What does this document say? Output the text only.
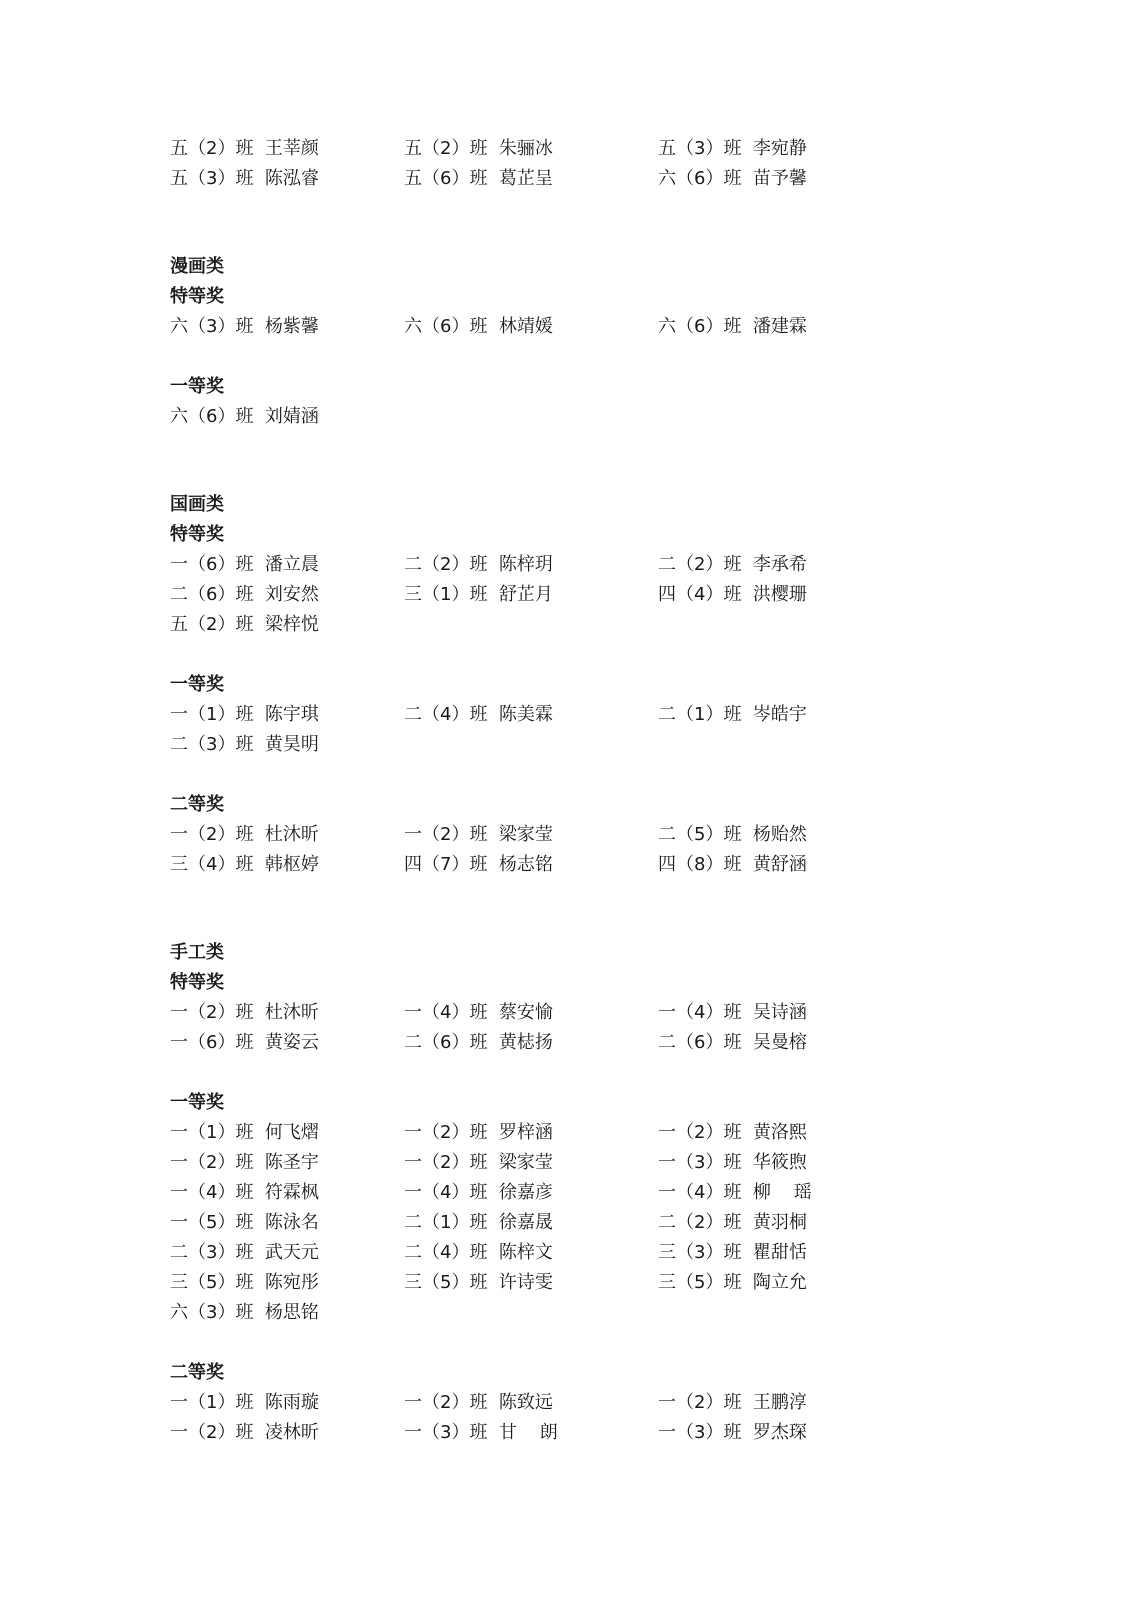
五（2）班  王莘颜	五（2）班  朱骊冰	五（3）班  李宛静
五（3）班  陈泓睿	五（6）班  葛芷呈	六（6）班  苗予馨
漫画类
特等奖
六（3）班  杨紫馨	六（6）班  林靖媛	六（6）班  潘建霖
一等奖
六（6）班  刘婧涵
国画类
特等奖
一（6）班  潘立晨	二（2）班  陈梓玥	二（2）班  李承希
二（6）班  刘安然	三（1）班  舒芷月	四（4）班  洪樱珊
五（2）班  梁梓悦
一等奖
一（1）班  陈宇琪	二（4）班  陈美霖	二（1）班  岑皓宇
二（3）班  黄昊明
二等奖
一（2）班  杜沐昕	一（2）班  梁家莹	二（5）班  杨贻然
三（4）班  韩枢婷	四（7）班  杨志铭	四（8）班  黄舒涵
手工类
特等奖
一（2）班  杜沐昕	一（4）班  蔡安愉	一（4）班  吴诗涵
一（6）班  黄姿云	二（6）班  黄梽扬	二（6）班  吴曼榕
一等奖
一（1）班  何飞熠	一（2）班  罗梓涵	一（2）班  黄洛熙
一（2）班  陈圣宇	一（2）班  梁家莹	一（3）班  华筱煦
一（4）班  符霖枫	一（4）班  徐嘉彦	一（4）班  柳    瑶
一（5）班  陈泳名	二（1）班  徐嘉晟	二（2）班  黄羽桐
二（3）班  武天元	二（4）班  陈梓文	三（3）班  瞿甜恬
三（5）班  陈宛彤	三（5）班  许诗雯	三（5）班  陶立允
六（3）班  杨思铭
二等奖
一（1）班  陈雨璇	一（2）班  陈致远	一（2）班  王鹏淳
一（2）班  凌林昕	一（3）班  甘    朗	一（3）班  罗杰琛
